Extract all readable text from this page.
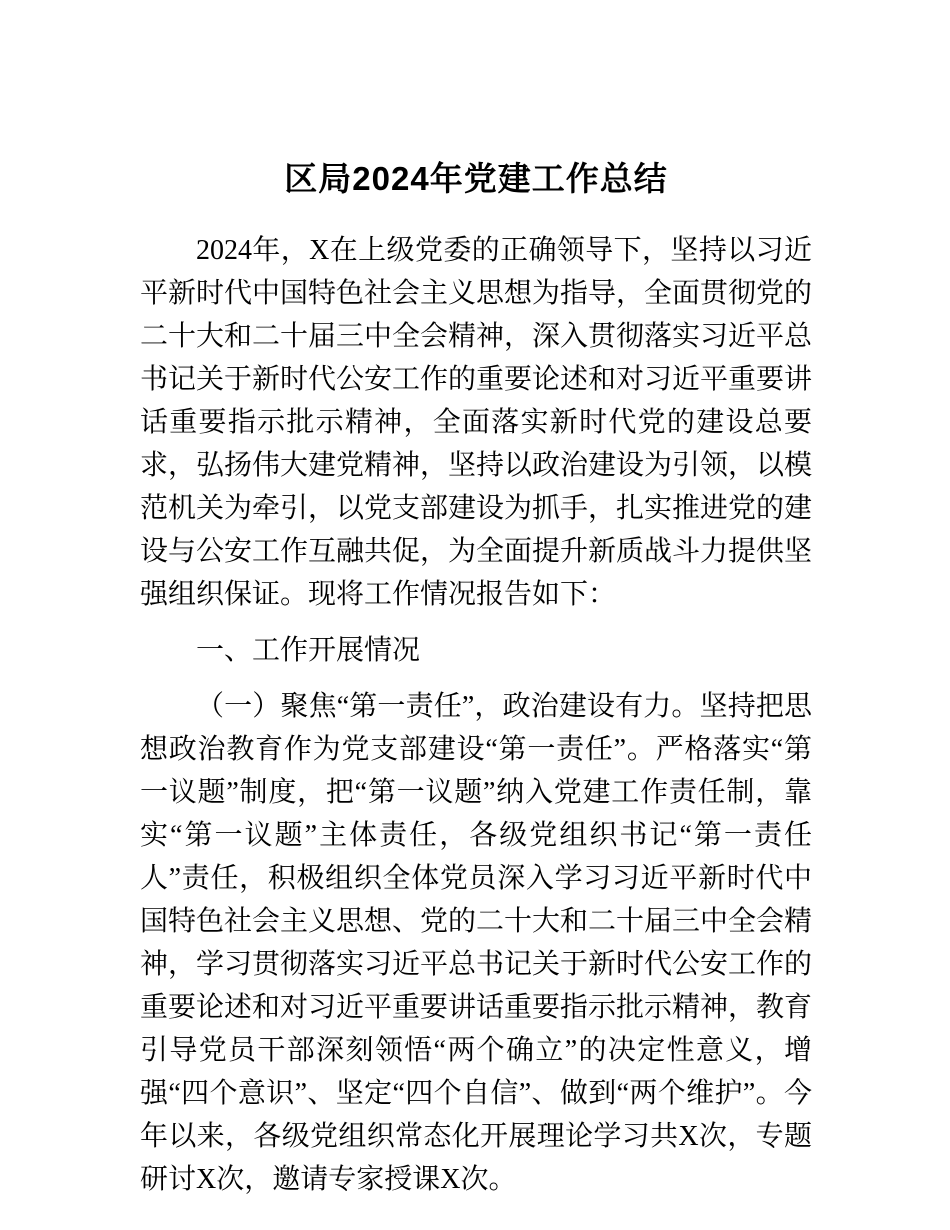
区局2024年党建工作总结

2024年，X在上级党委的正确领导下，坚持以习近平新时代中国特色社会主义思想为指导，全面贯彻党的二十大和二十届三中全会精神，深入贯彻落实习近平总书记关于新时代公安工作的重要论述和对习近平重要讲话重要指示批示精神，全面落实新时代党的建设总要求，弘扬伟大建党精神，坚持以政治建设为引领，以模范机关为牵引，以党支部建设为抓手，扎实推进党的建设与公安工作互融共促，为全面提升新质战斗力提供坚强组织保证。现将工作情况报告如下：

一、工作开展情况

（一）聚焦“第一责任”，政治建设有力。坚持把思想政治教育作为党支部建设“第一责任”。严格落实“第一议题”制度，把“第一议题”纳入党建工作责任制，靠实“第一议题”主体责任，各级党组织书记“第一责任人”责任，积极组织全体党员深入学习习近平新时代中国特色社会主义思想、党的二十大和二十届三中全会精神，学习贯彻落实习近平总书记关于新时代公安工作的重要论述和对习近平重要讲话重要指示批示精神，教育引导党员干部深刻领悟“两个确立”的决定性意义，增强“四个意识”、坚定“四个自信”、做到“两个维护”。今年以来，各级党组织常态化开展理论学习共X次，专题研讨X次，邀请专家授课X次。
